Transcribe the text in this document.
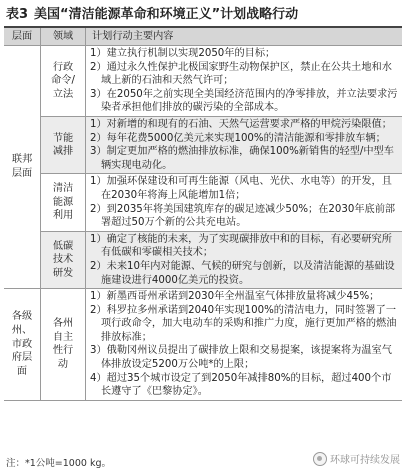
表3 美国“清洁能源革命和环境正义”计划战略行动
层面	领域	计划行动主要内容
联邦层面	行政命令/立法	1）建立执行机制以实现2050年的目标；
2）通过永久性保护北极国家野生动物保护区，禁止在公共土地和水域上新的石油和天然气许可；
3）在2050年之前实现全美国经济范围内的净零排放，并立法要求污染者承担他们排放的碳污染的全部成本。

	节能减排	1）对新增的和现有的石油、天然气运营要求严格的甲烷污染限值；
2）每年花费5000亿美元来实现100%的清洁能源和零排放车辆；
3）制定更加严格的燃油排放标准，确保100%新销售的轻型/中型车辆实现电动化。

	清洁能源利用	1）加强环保建设和可再生能源（风电、光伏、水电等）的开发，且在2030年将海上风能增加1倍；
2）到2035年将美国建筑库存的碳足迹减少50%；在2030年底前部署超过50万个新的公共充电站。

	低碳技术研发	1）确定了核能的未来，为了实现碳排放中和的目标，有必要研究所有低碳和零碳相关技术；
2）未来10年内对能源、气候的研究与创新，以及清洁能源的基础设施建设进行4000亿美元的投资。

各级州、市政府层面	各州自主性行动	1）新墨西哥州承诺到2030年全州温室气体排放量将减少45%；
2）科罗拉多州承诺到2040年实现100%的清洁电力，同时签署了一项行政命令，加大电动车的采购和推广力度，施行更加严格的燃油排放标准；
3）俄勒冈州议员提出了碳排放上限和交易提案，该提案将为温室气体排放设定5200万公吨*的上限；
4）超过35个城市设定了到2050年减排80%的目标，超过400个市长遵守了《巴黎协定》。
注：*1公吨=1000 kg。	环球可持续发展
